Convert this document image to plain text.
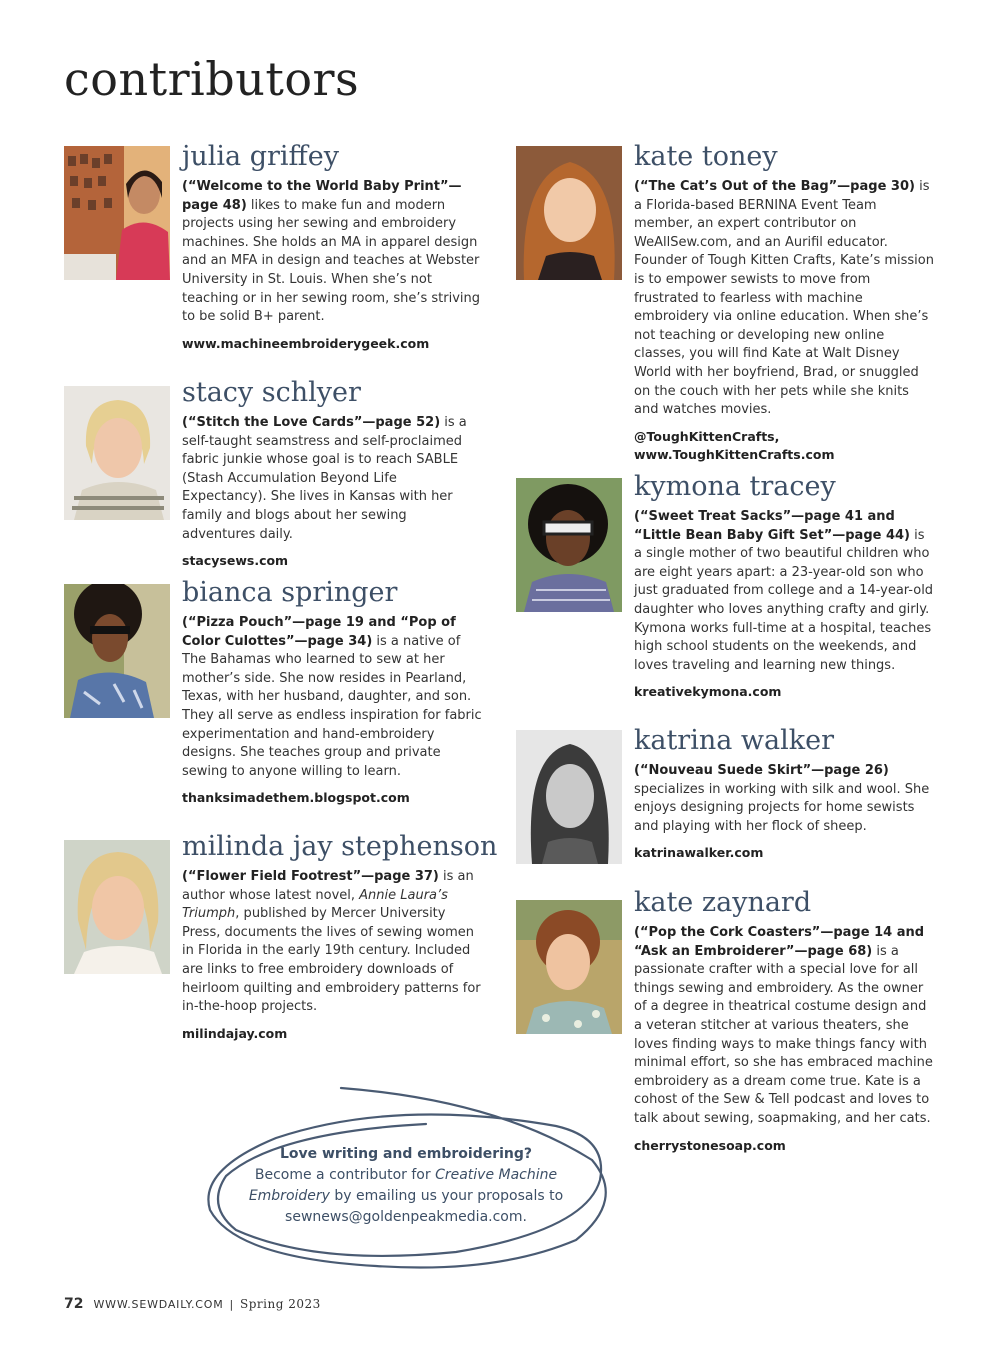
contributors
julia griffey
(“Welcome to the World Baby Print”—page 48) likes to make fun and modern projects using her sewing and embroidery machines. She holds an MA in apparel design and an MFA in design and teaches at Webster University in St. Louis. When she’s not teaching or in her sewing room, she’s striving to be solid B+ parent.
www.machineembroiderygeek.com
stacy schlyer
(“Stitch the Love Cards”—page 52) is a self-taught seamstress and self-proclaimed fabric junkie whose goal is to reach SABLE (Stash Accumulation Beyond Life Expectancy). She lives in Kansas with her family and blogs about her sewing adventures daily.
stacysews.com
bianca springer
(“Pizza Pouch”—page 19 and “Pop of Color Culottes”—page 34) is a native of The Bahamas who learned to sew at her mother’s side. She now resides in Pearland, Texas, with her husband, daughter, and son. They all serve as endless inspiration for fabric experimentation and hand-embroidery designs. She teaches group and private sewing to anyone willing to learn.
thanksimadethem.blogspot.com
milinda jay stephenson
(“Flower Field Footrest”—page 37) is an author whose latest novel, Annie Laura’s Triumph, published by Mercer University Press, documents the lives of sewing women in Florida in the early 19th century. Included are links to free embroidery downloads of heirloom quilting and embroidery patterns for in-the-hoop projects.
milindajay.com
kate toney
(“The Cat’s Out of the Bag”—page 30) is a Florida-based BERNINA Event Team member, an expert contributor on WeAllSew.com, and an Aurifil educator. Founder of Tough Kitten Crafts, Kate’s mission is to empower sewists to move from frustrated to fearless with machine embroidery via online education. When she’s not teaching or developing new online classes, you will find Kate at Walt Disney World with her boyfriend, Brad, or snuggled on the couch with her pets while she knits and watches movies.
@ToughKittenCrafts,
www.ToughKittenCrafts.com
kymona tracey
(“Sweet Treat Sacks”—page 41 and “Little Bean Baby Gift Set”—page 44) is a single mother of two beautiful children who are eight years apart: a 23-year-old son who just graduated from college and a 14-year-old daughter who loves anything crafty and girly. Kymona works full-time at a hospital, teaches high school students on the weekends, and loves traveling and learning new things.
kreativekymona.com
katrina walker
(“Nouveau Suede Skirt”—page 26) specializes in working with silk and wool. She enjoys designing projects for home sewists and playing with her flock of sheep.
katrinawalker.com
kate zaynard
(“Pop the Cork Coasters”—page 14 and “Ask an Embroiderer”—page 68) is a passionate crafter with a special love for all things sewing and embroidery. As the owner of a degree in theatrical costume design and a veteran stitcher at various theaters, she loves finding ways to make things fancy with minimal effort, so she has embraced machine embroidery as a dream come true. Kate is a cohost of the Sew & Tell podcast and loves to talk about sewing, soapmaking, and her cats.
cherrystonesoap.com
Love writing and embroidering?
Become a contributor for Creative Machine Embroidery by emailing us your proposals to sewnews@goldenpeakmedia.com.
72 WWW.SEWDAILY.COM | Spring 2023
